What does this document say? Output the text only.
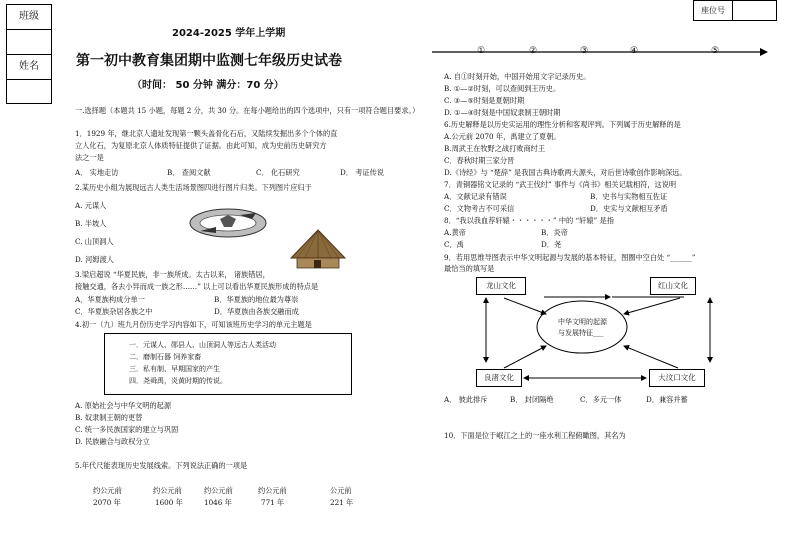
班级
姓名
座位号
2024-2025 学年上学期
第一初中教育集团期中监测七年级历史试卷
（时间： 50 分钟 满分：70 分）
一.选择题（本题共 15 小题，每题 2 分，共 30 分。在每小题给出的四个选项中，只有一项符合题目要求。）
1．1929 年，继北京人遗址发现第一颗头盖骨化石后，又陆续发掘出多个个体的直
立人化石，为复原北京人体质特征提供了证据。由此可知，成为史前历史研究方
法之一是
A． 实地走访	B． 查阅文献	C． 化石研究	D． 考证传说
2.某历史小组为展现远古人类生活场景图四进行图片归类。下列图片应归于
A. 元谋人
B. 半坡人
C. 山顶洞人
D. 河姆渡人
3.梁启超说 “华夏民族，非一族所成。太古以来， 诸族错居，
接触交通，各去小异而成一族之形……” 以上可以看出华夏民族形成的特点是
A．华夏族构成分单一	B．华夏族的地位最为尊崇
C．华夏族杂居各族之中	D．华夏族由各族交融而成
4.初一（九）班九月份历史学习内容如下，可知该班历史学习的单元主题是
一．元谋人、郧县人、山顶洞人等远古人类活动
二．磨制石器 饲养家畜
三．私有制、早期国家的产生
四．尧舜禹，炎黄时期的传说。
A. 原始社会与中华文明的起源
B. 奴隶制王朝的更替
C. 统一多民族国家的建立与巩固
D. 民族融合与政权分立
5.年代尺能表现历史发展线索。下列说法正确的一项是
约公元前	约公元前	约公元前	约公元前	公元前
2070 年	1600 年	1046 年	771 年	221 年
①	②	③	④	⑤
A. 自①时刻开始，中国开始用文字记录历史。
B. ①—②时刻，可以查阅到王历史。
C. ③—⑤时刻是夏朝时期
D. ①—④时刻是中国奴隶制王朝时期
6.历史解释是以历史实运用的理性分析和客观评判。下列属于历史解释的是
A.公元前 2070 年，禹建立了夏朝。
B.周武王在牧野之战打败商纣王
C．春秋时期三家分晋
D.《诗经》与 “楚辞” 是我国古典诗歌两大源头，对后世诗歌创作影响深远。
7．青铜器铭文记录的 “武王伐纣” 事件与《尚书》相关记载相符，这说明
A．文献记录有错误	B．史书与实物相互佐证
C．文物考古不可采信	D．史实与文献相互矛盾
8．“我以我血荐轩辕・・・・・・” 中的 “轩辕” 是指
A.黄帝	B．炎帝
C．禹	D．尧
9．若用思维导图表示中华文明起源与发展的基本特征，图圈中空白处 “______”
最恰当的填写是
中华文明的起源
与发展特征___
龙山文化	红山文化
良渚文化	大汶口文化
A． 彼此排斥	B． 封闭隔绝	C．多元一体	D．兼容并蓄
10．下面是位于岷江之上的一座水利工程俯瞰图，其名为
